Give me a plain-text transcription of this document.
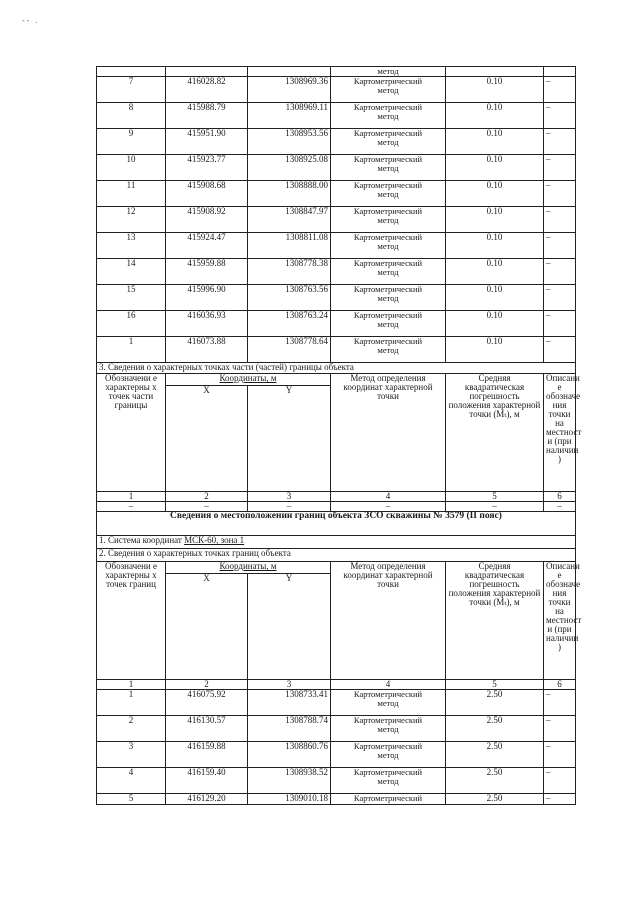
-- .
			метод		
7	416028.82	1308969.36	Картометрический
метод	0.10	–
8	415988.79	1308969.11	Картометрический
метод	0.10	–
9	415951.90	1308953.56	Картометрический
метод	0.10	–
10	415923.77	1308925.08	Картометрический
метод	0.10	–
11	415908.68	1308888.00	Картометрический
метод	0.10	–
12	415908.92	1308847.97	Картометрический
метод	0.10	–
13	415924.47	1308811.08	Картометрический
метод	0.10	–
14	415959.88	1308778.38	Картометрический
метод	0.10	–
15	415996.90	1308763.56	Картометрический
метод	0.10	–
16	416036.93	1308763.24	Картометрический
метод	0.10	–
1	416073.88	1308778.64	Картометрический
метод	0.10	–
3. Сведения о характерных точках части (частей) границы объекта					
Обозначени е характерны х точек части границы	Координаты, м		Метод определения координат характерной точки	Средняя квадратическая погрешность положения характерной точки (Mₜ), м	Описани е обозначе ния точки на местност и (при наличии )
	X	Y			
1	2	3	4	5	6
–	–	–	–	–	–
Сведения о местоположении границ объекта ЗСО скважины № 3579 (II пояс)					
1. Система координат МСК-60, зона 1					
2. Сведения о характерных точках границ объекта					
Обозначени е характерны х точек границ	Координаты, м		Метод определения координат характерной точки	Средняя квадратическая погрешность положения характерной точки (Mₜ), м	Описани е обозначе ния точки на местност и (при наличии )
	X	Y			
1	2	3	4	5	6
1	416075.92	1308733.41	Картометрический
метод	2.50	–
2	416130.57	1308788.74	Картометрический
метод	2.50	–
3	416159.88	1308860.76	Картометрический
метод	2.50	–
4	416159.40	1308938.52	Картометрический
метод	2.50	–
5	416129.20	1309010.18	Картометрический	2.50	–
